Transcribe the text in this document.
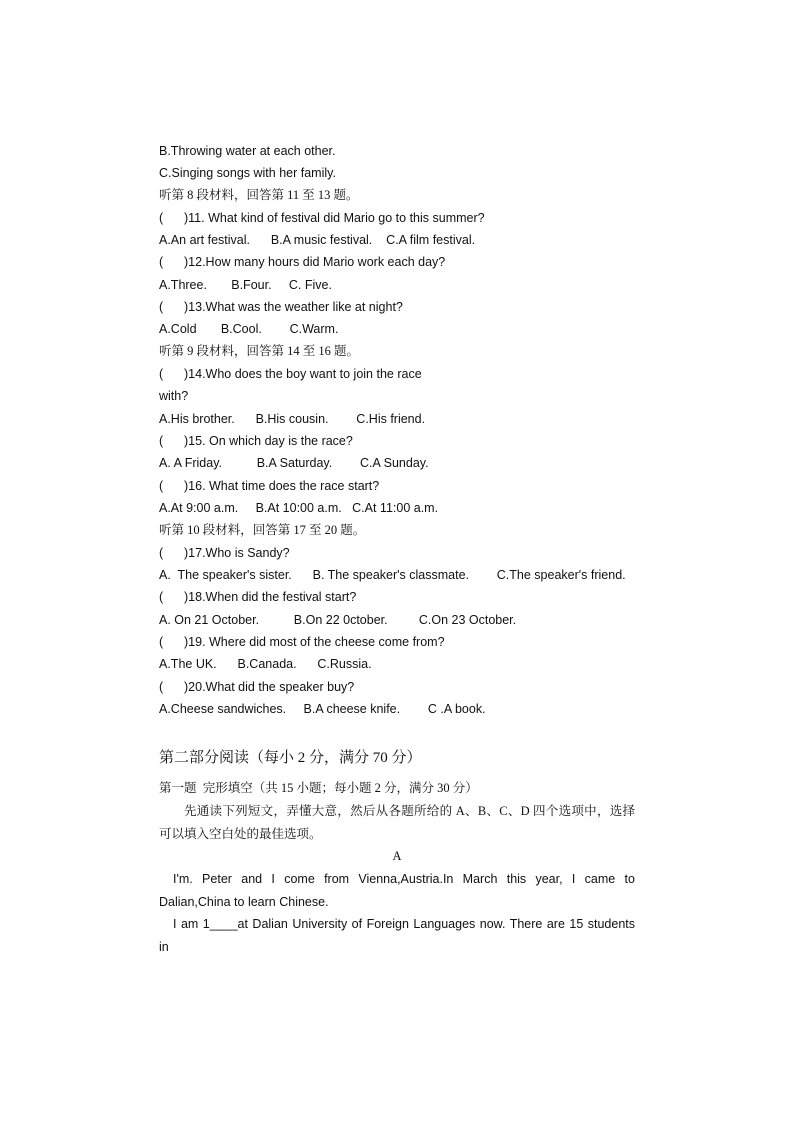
B.Throwing water at each other.
C.Singing songs with her family.
听第 8 段材料，回答第 11 至 13 题。
(      )11. What kind of festival did Mario go to this summer?
A.An art festival.      B.A music festival.    C.A film festival.
(      )12.How many hours did Mario work each day?
A.Three.       B.Four.     C. Five.
(      )13.What was the weather like at night?
A.Cold       B.Cool.        C.Warm.
听第 9 段材料，回答第 14 至 16 题。
(      )14.Who does the boy want to join the race
with?
A.His brother.      B.His cousin.        C.His friend.
(      )15. On which day is the race?
A. A Friday.          B.A Saturday.        C.A Sunday.
(      )16. What time does the race start?
A.At 9:00 a.m.     B.At 10:00 a.m.   C.At 11:00 a.m.
听第 10 段材料，回答第 17 至 20 题。
(      )17.Who is Sandy?
A.  The speaker's sister.      B. The speaker's classmate.        C.The speaker's friend.
(      )18.When did the festival start?
A. On 21 October.          B.On 22 0ctober.         C.On 23 October.
(      )19. Where did most of the cheese come from?
A.The UK.      B.Canada.      C.Russia.
(      )20.What did the speaker buy?
A.Cheese sandwiches.     B.A cheese knife.        C .A book.
第二部分阅读（每小 2 分，满分 70 分）
第一题  完形填空（共 15 小题；每小题 2 分，满分 30 分）
先通读下列短文，弄懂大意，然后从各题所给的 A、B、C、D 四个选项中，选择可以填入空白处的最佳选项。
A
I'm. Peter and I come from Vienna,Austria.In March this year, I came to Dalian,China to learn Chinese.
I am 1____at Dalian University of Foreign Languages now. There are 15 students in
